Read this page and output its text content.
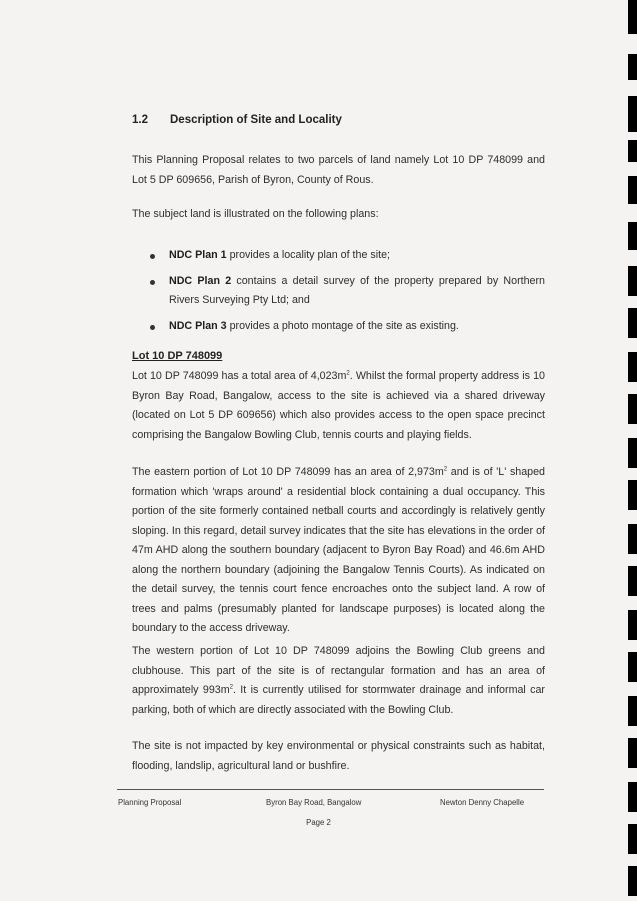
1.2 Description of Site and Locality
This Planning Proposal relates to two parcels of land namely Lot 10 DP 748099 and Lot 5 DP 609656, Parish of Byron, County of Rous.
The subject land is illustrated on the following plans:
NDC Plan 1 provides a locality plan of the site;
NDC Plan 2 contains a detail survey of the property prepared by Northern Rivers Surveying Pty Ltd; and
NDC Plan 3 provides a photo montage of the site as existing.
Lot 10 DP 748099
Lot 10 DP 748099 has a total area of $4,023m^2$. Whilst the formal property address is 10 Byron Bay Road, Bangalow, access to the site is achieved via a shared driveway (located on Lot 5 DP 609656) which also provides access to the open space precinct comprising the Bangalow Bowling Club, tennis courts and playing fields.
The eastern portion of Lot 10 DP 748099 has an area of $2,973m^2$ and is of 'L' shaped formation which 'wraps around' a residential block containing a dual occupancy. This portion of the site formerly contained netball courts and accordingly is relatively gently sloping. In this regard, detail survey indicates that the site has elevations in the order of 47m AHD along the southern boundary (adjacent to Byron Bay Road) and 46.6m AHD along the northern boundary (adjoining the Bangalow Tennis Courts). As indicated on the detail survey, the tennis court fence encroaches onto the subject land. A row of trees and palms (presumably planted for landscape purposes) is located along the boundary to the access driveway.
The western portion of Lot 10 DP 748099 adjoins the Bowling Club greens and clubhouse. This part of the site is of rectangular formation and has an area of approximately $993m^2$. It is currently utilised for stormwater drainage and informal car parking, both of which are directly associated with the Bowling Club.
The site is not impacted by key environmental or physical constraints such as habitat, flooding, landslip, agricultural land or bushfire.
Planning Proposal	Byron Bay Road, Bangalow	Newton Denny Chapelle
Page 2
